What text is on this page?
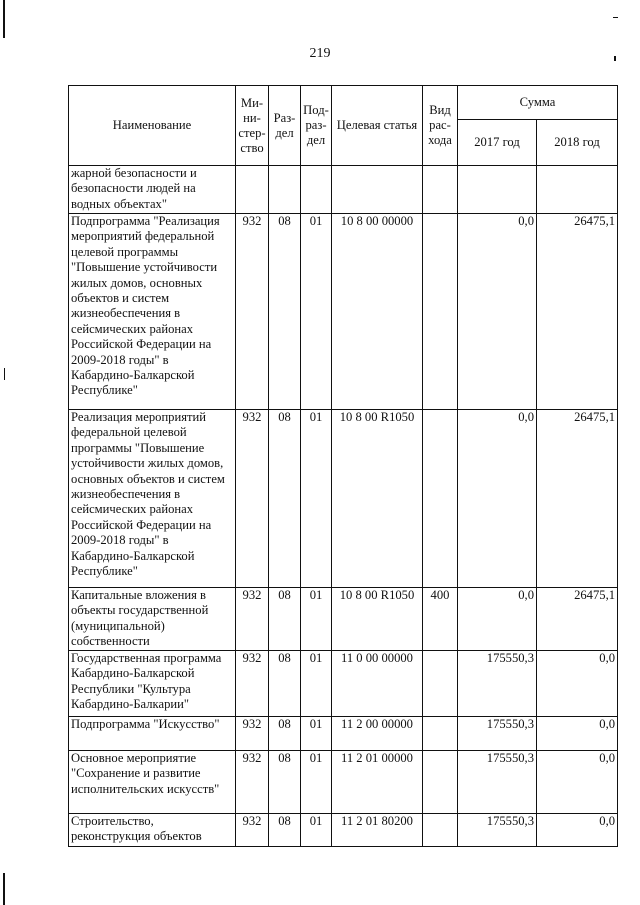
219
Наименование	Ми-ни-стер-ство	Раз-дел	Под-раз-дел	Целевая статья	Вид рас-хода	Сумма	
						2017 год	2018 год
жарной безопасности и безопасности людей на водных объектах"							
Подпрограмма "Реализация мероприятий федеральной целевой программы "Повышение устойчивости жилых домов, основных объектов и систем жизнеобеспечения в сейсмических районах Российской Федерации на 2009-2018 годы" в Кабардино-Балкарской Республике"	932	08	01	10 8 00 00000		0,0	26475,1
Реализация мероприятий федеральной целевой программы "Повышение устойчивости жилых домов, основных объектов и систем жизнеобеспечения в сейсмических районах Российской Федерации на 2009-2018 годы" в Кабардино-Балкарской Республике"	932	08	01	10 8 00 R1050		0,0	26475,1
Капитальные вложения в объекты государственной (муниципальной) собственности	932	08	01	10 8 00 R1050	400	0,0	26475,1
Государственная программа Кабардино-Балкарской Республики "Культура Кабардино-Балкарии"	932	08	01	11 0 00 00000		175550,3	0,0
Подпрограмма "Искусство"	932	08	01	11 2 00 00000		175550,3	0,0
Основное мероприятие "Сохранение и развитие исполнительских искусств"	932	08	01	11 2 01 00000		175550,3	0,0
Строительство, реконструкция объектов	932	08	01	11 2 01 80200		175550,3	0,0
